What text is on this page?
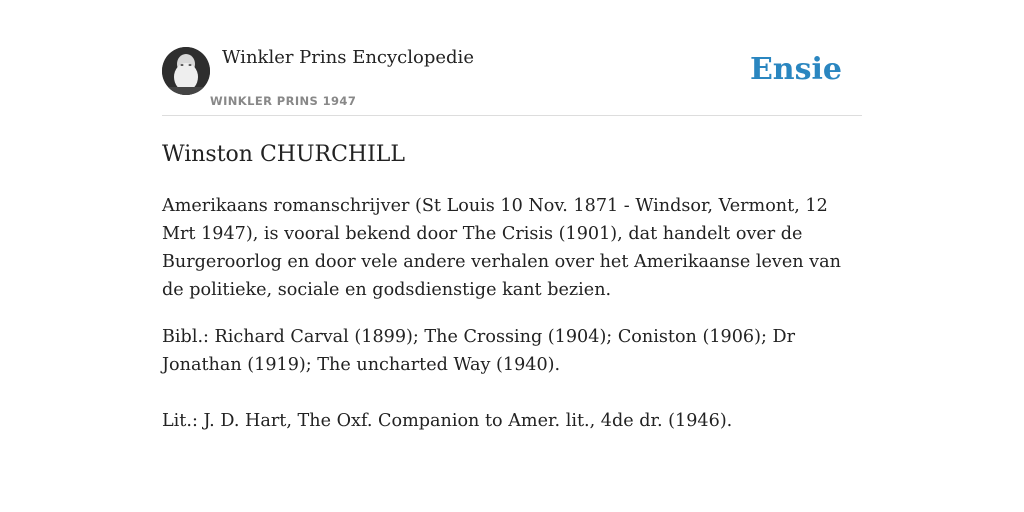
Winkler Prins Encyclopedie
WINKLER PRINS 1947
Ensie
Winston CHURCHILL

Amerikaans romanschrijver (St Louis 10 Nov. 1871 - Windsor, Vermont, 12 Mrt 1947), is vooral bekend door The Crisis (1901), dat handelt over de Burgeroorlog en door vele andere verhalen over het Amerikaanse leven van de politieke, sociale en godsdienstige kant bezien.

Bibl.: Richard Carval (1899); The Crossing (1904); Coniston (1906); Dr Jonathan (1919); The uncharted Way (1940).

Lit.: J. D. Hart, The Oxf. Companion to Amer. lit., 4de dr. (1946).
